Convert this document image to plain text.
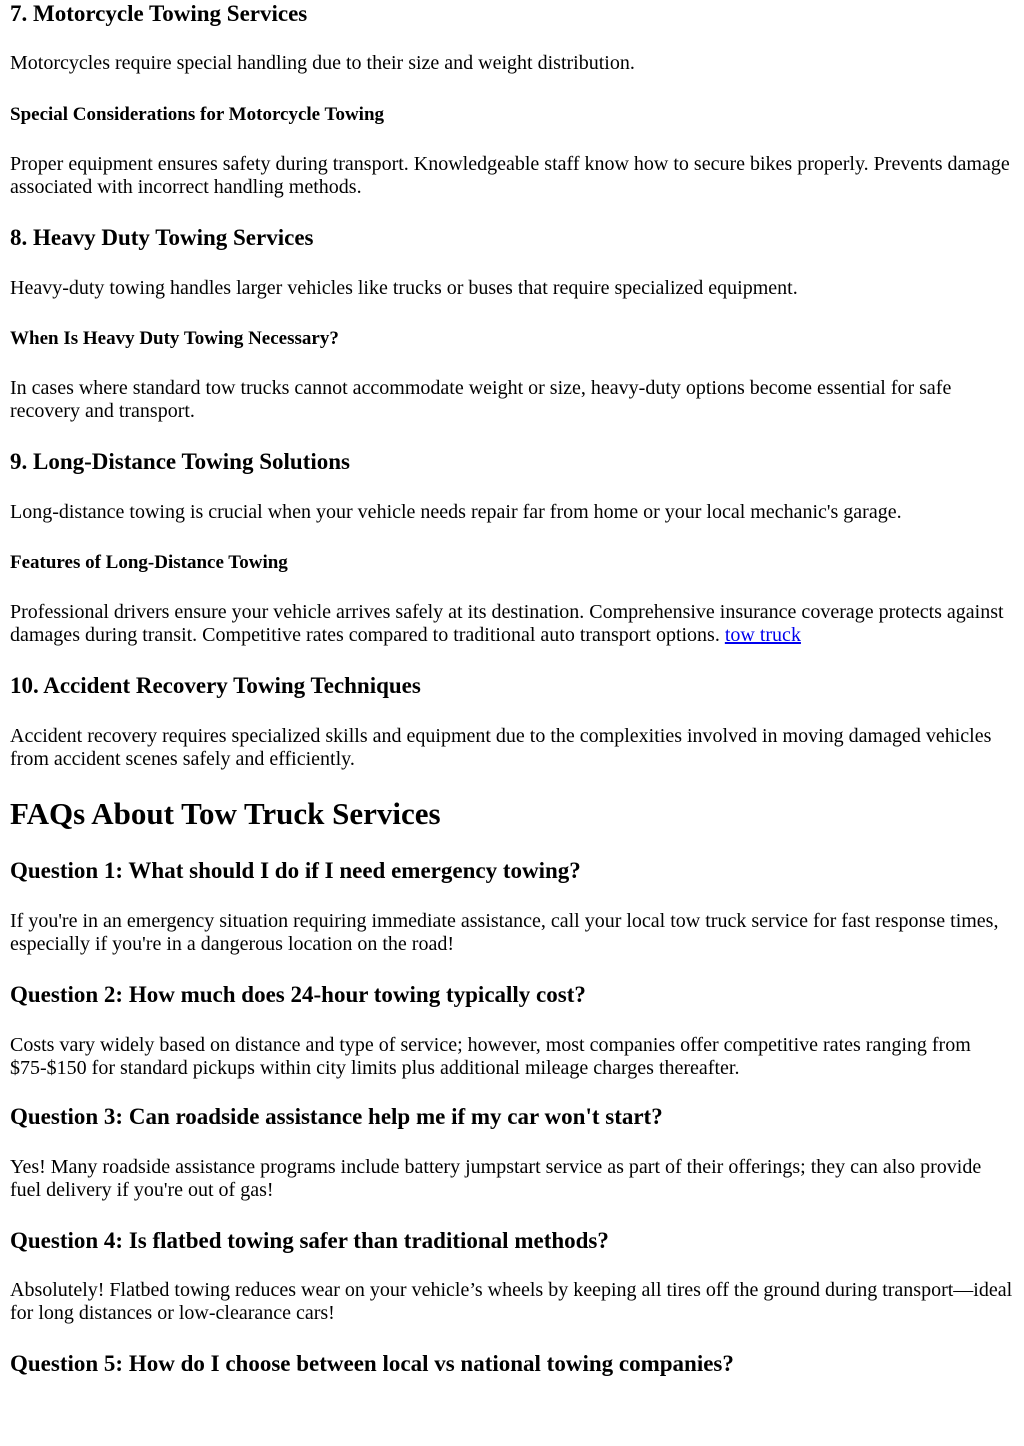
7. Motorcycle Towing Services

Motorcycles require special handling due to their size and weight distribution.

Special Considerations for Motorcycle Towing

Proper equipment ensures safety during transport. Knowledgeable staff know how to secure bikes properly. Prevents damage associated with incorrect handling methods.

8. Heavy Duty Towing Services

Heavy-duty towing handles larger vehicles like trucks or buses that require specialized equipment.

When Is Heavy Duty Towing Necessary?

In cases where standard tow trucks cannot accommodate weight or size, heavy-duty options become essential for safe recovery and transport.

9. Long-Distance Towing Solutions

Long-distance towing is crucial when your vehicle needs repair far from home or your local mechanic's garage.

Features of Long-Distance Towing

Professional drivers ensure your vehicle arrives safely at its destination. Comprehensive insurance coverage protects against damages during transit. Competitive rates compared to traditional auto transport options. tow truck

10. Accident Recovery Towing Techniques

Accident recovery requires specialized skills and equipment due to the complexities involved in moving damaged vehicles from accident scenes safely and efficiently.

FAQs About Tow Truck Services
Question 1: What should I do if I need emergency towing?

If you're in an emergency situation requiring immediate assistance, call your local tow truck service for fast response times, especially if you're in a dangerous location on the road!

Question 2: How much does 24-hour towing typically cost?

Costs vary widely based on distance and type of service; however, most companies offer competitive rates ranging from $75-$150 for standard pickups within city limits plus additional mileage charges thereafter.

Question 3: Can roadside assistance help me if my car won't start?

Yes! Many roadside assistance programs include battery jumpstart service as part of their offerings; they can also provide fuel delivery if you're out of gas!

Question 4: Is flatbed towing safer than traditional methods?

Absolutely! Flatbed towing reduces wear on your vehicle’s wheels by keeping all tires off the ground during transport—ideal for long distances or low-clearance cars!

Question 5: How do I choose between local vs national towing companies?
